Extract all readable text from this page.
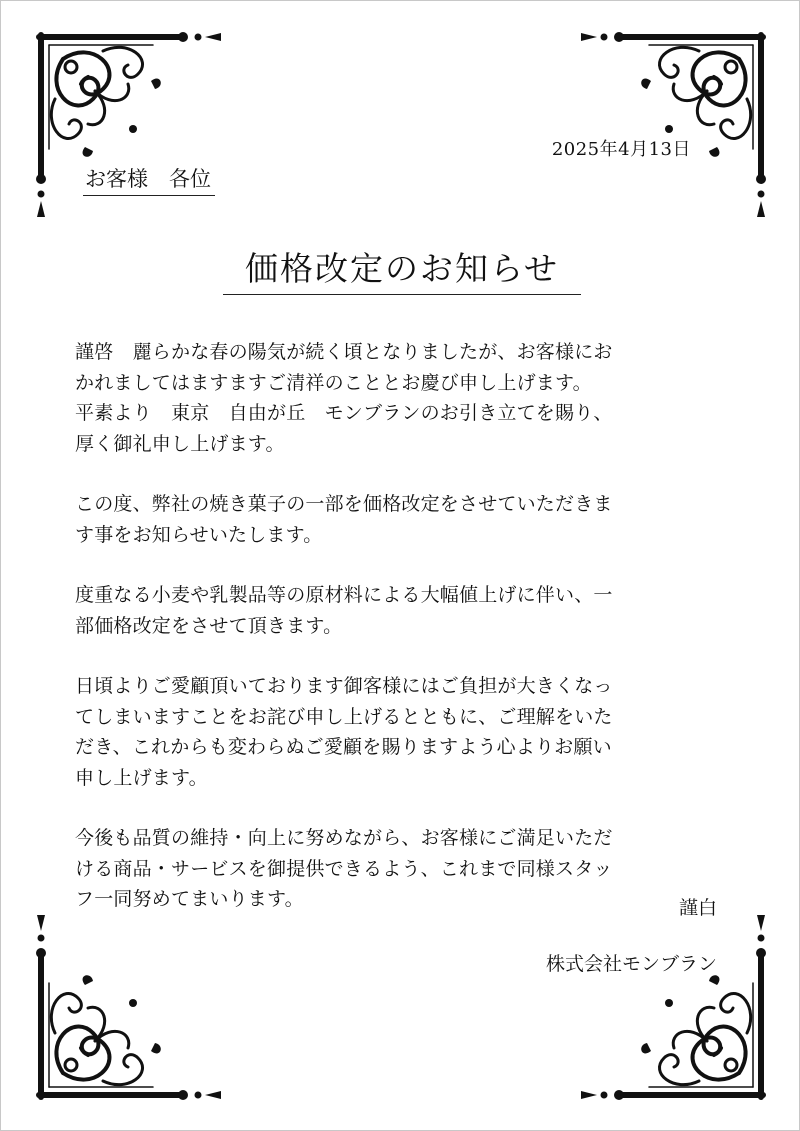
2025年4月13日
お客様　各位
価格改定のお知らせ

謹啓　麗らかな春の陽気が続く頃となりましたが、お客様にお
かれましてはますますご清祥のこととお慶び申し上げます。
平素より　東京　自由が丘　モンブランのお引き立てを賜り、
厚く御礼申し上げます。

この度、弊社の焼き菓子の一部を価格改定をさせていただきま
す事をお知らせいたします。

度重なる小麦や乳製品等の原材料による大幅値上げに伴い、一
部価格改定をさせて頂きます。

日頃よりご愛顧頂いております御客様にはご負担が大きくなっ
てしまいますことをお詫び申し上げるとともに、ご理解をいた
だき、これからも変わらぬご愛顧を賜りますよう心よりお願い
申し上げます。

今後も品質の維持・向上に努めながら、お客様にご満足いただ
ける商品・サービスを御提供できるよう、これまで同様スタッ
フ一同努めてまいります。	謹白
株式会社モンブラン
